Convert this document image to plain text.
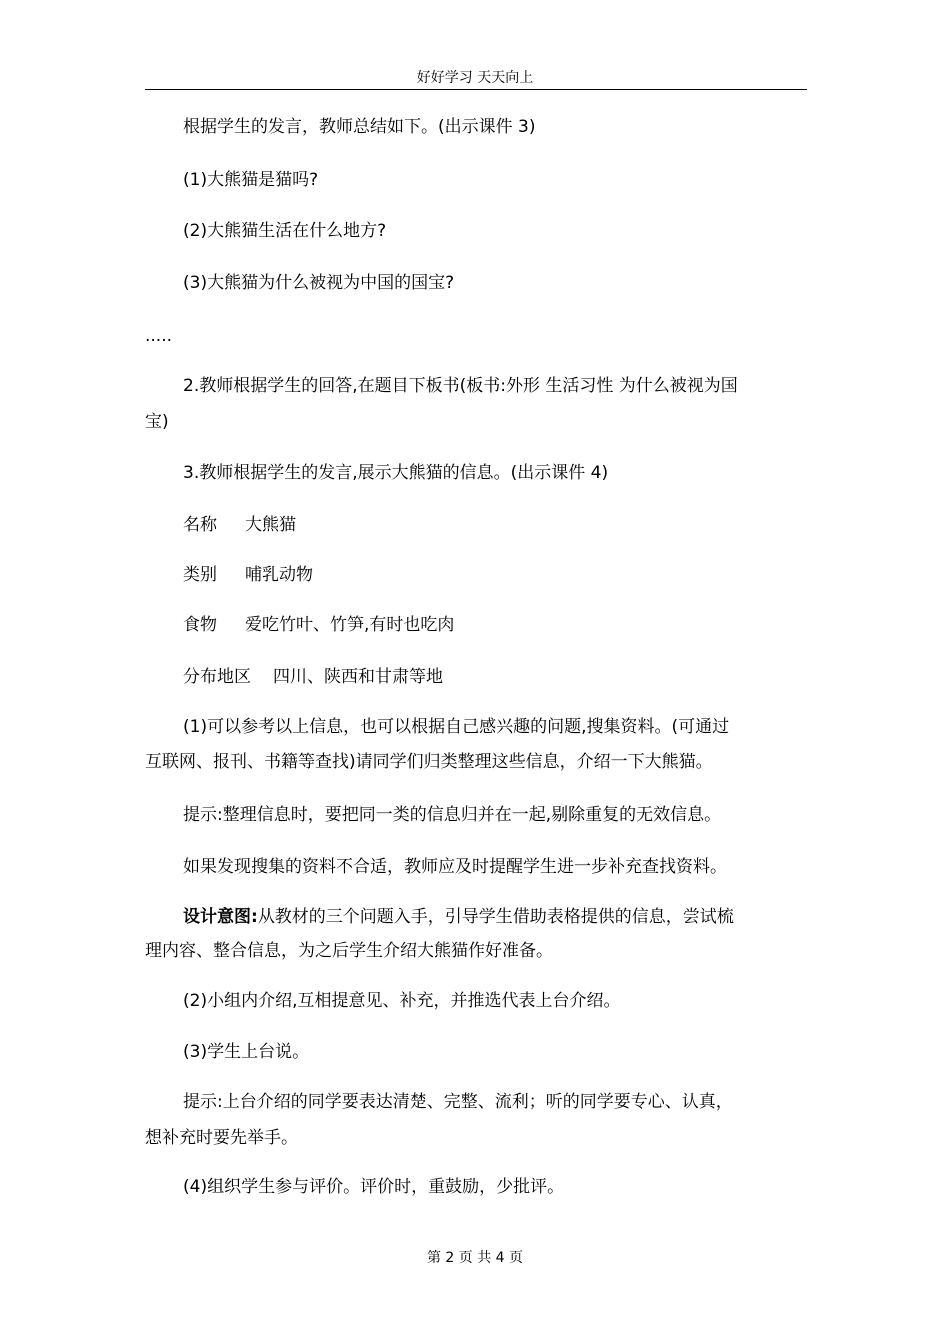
好好学习 天天向上
根据学生的发言，教师总结如下。(出示课件 3)
(1)大熊猫是猫吗?
(2)大熊猫生活在什么地方?
(3)大熊猫为什么被视为中国的国宝?
.....
2.教师根据学生的回答,在题目下板书(板书:外形 生活习性 为什么被视为国
宝)
3.教师根据学生的发言,展示大熊猫的信息。(出示课件 4)
名称 大熊猫
类别 哺乳动物
食物 爱吃竹叶、竹笋,有时也吃肉
分布地区 四川、陕西和甘肃等地
(1)可以参考以上信息，也可以根据自己感兴趣的问题,搜集资料。(可通过
互联网、报刊、书籍等查找)请同学们归类整理这些信息，介绍一下大熊猫。
提示:整理信息时，要把同一类的信息归并在一起,剔除重复的无效信息。
如果发现搜集的资料不合适，教师应及时提醒学生进一步补充查找资料。
设计意图:从教材的三个问题入手，引导学生借助表格提供的信息，尝试梳
理内容、整合信息，为之后学生介绍大熊猫作好准备。
(2)小组内介绍,互相提意见、补充，并推选代表上台介绍。
(3)学生上台说。
提示:上台介绍的同学要表达清楚、完整、流利；听的同学要专心、认真，
想补充时要先举手。
(4)组织学生参与评价。评价时，重鼓励，少批评。
第 2 页 共 4 页
